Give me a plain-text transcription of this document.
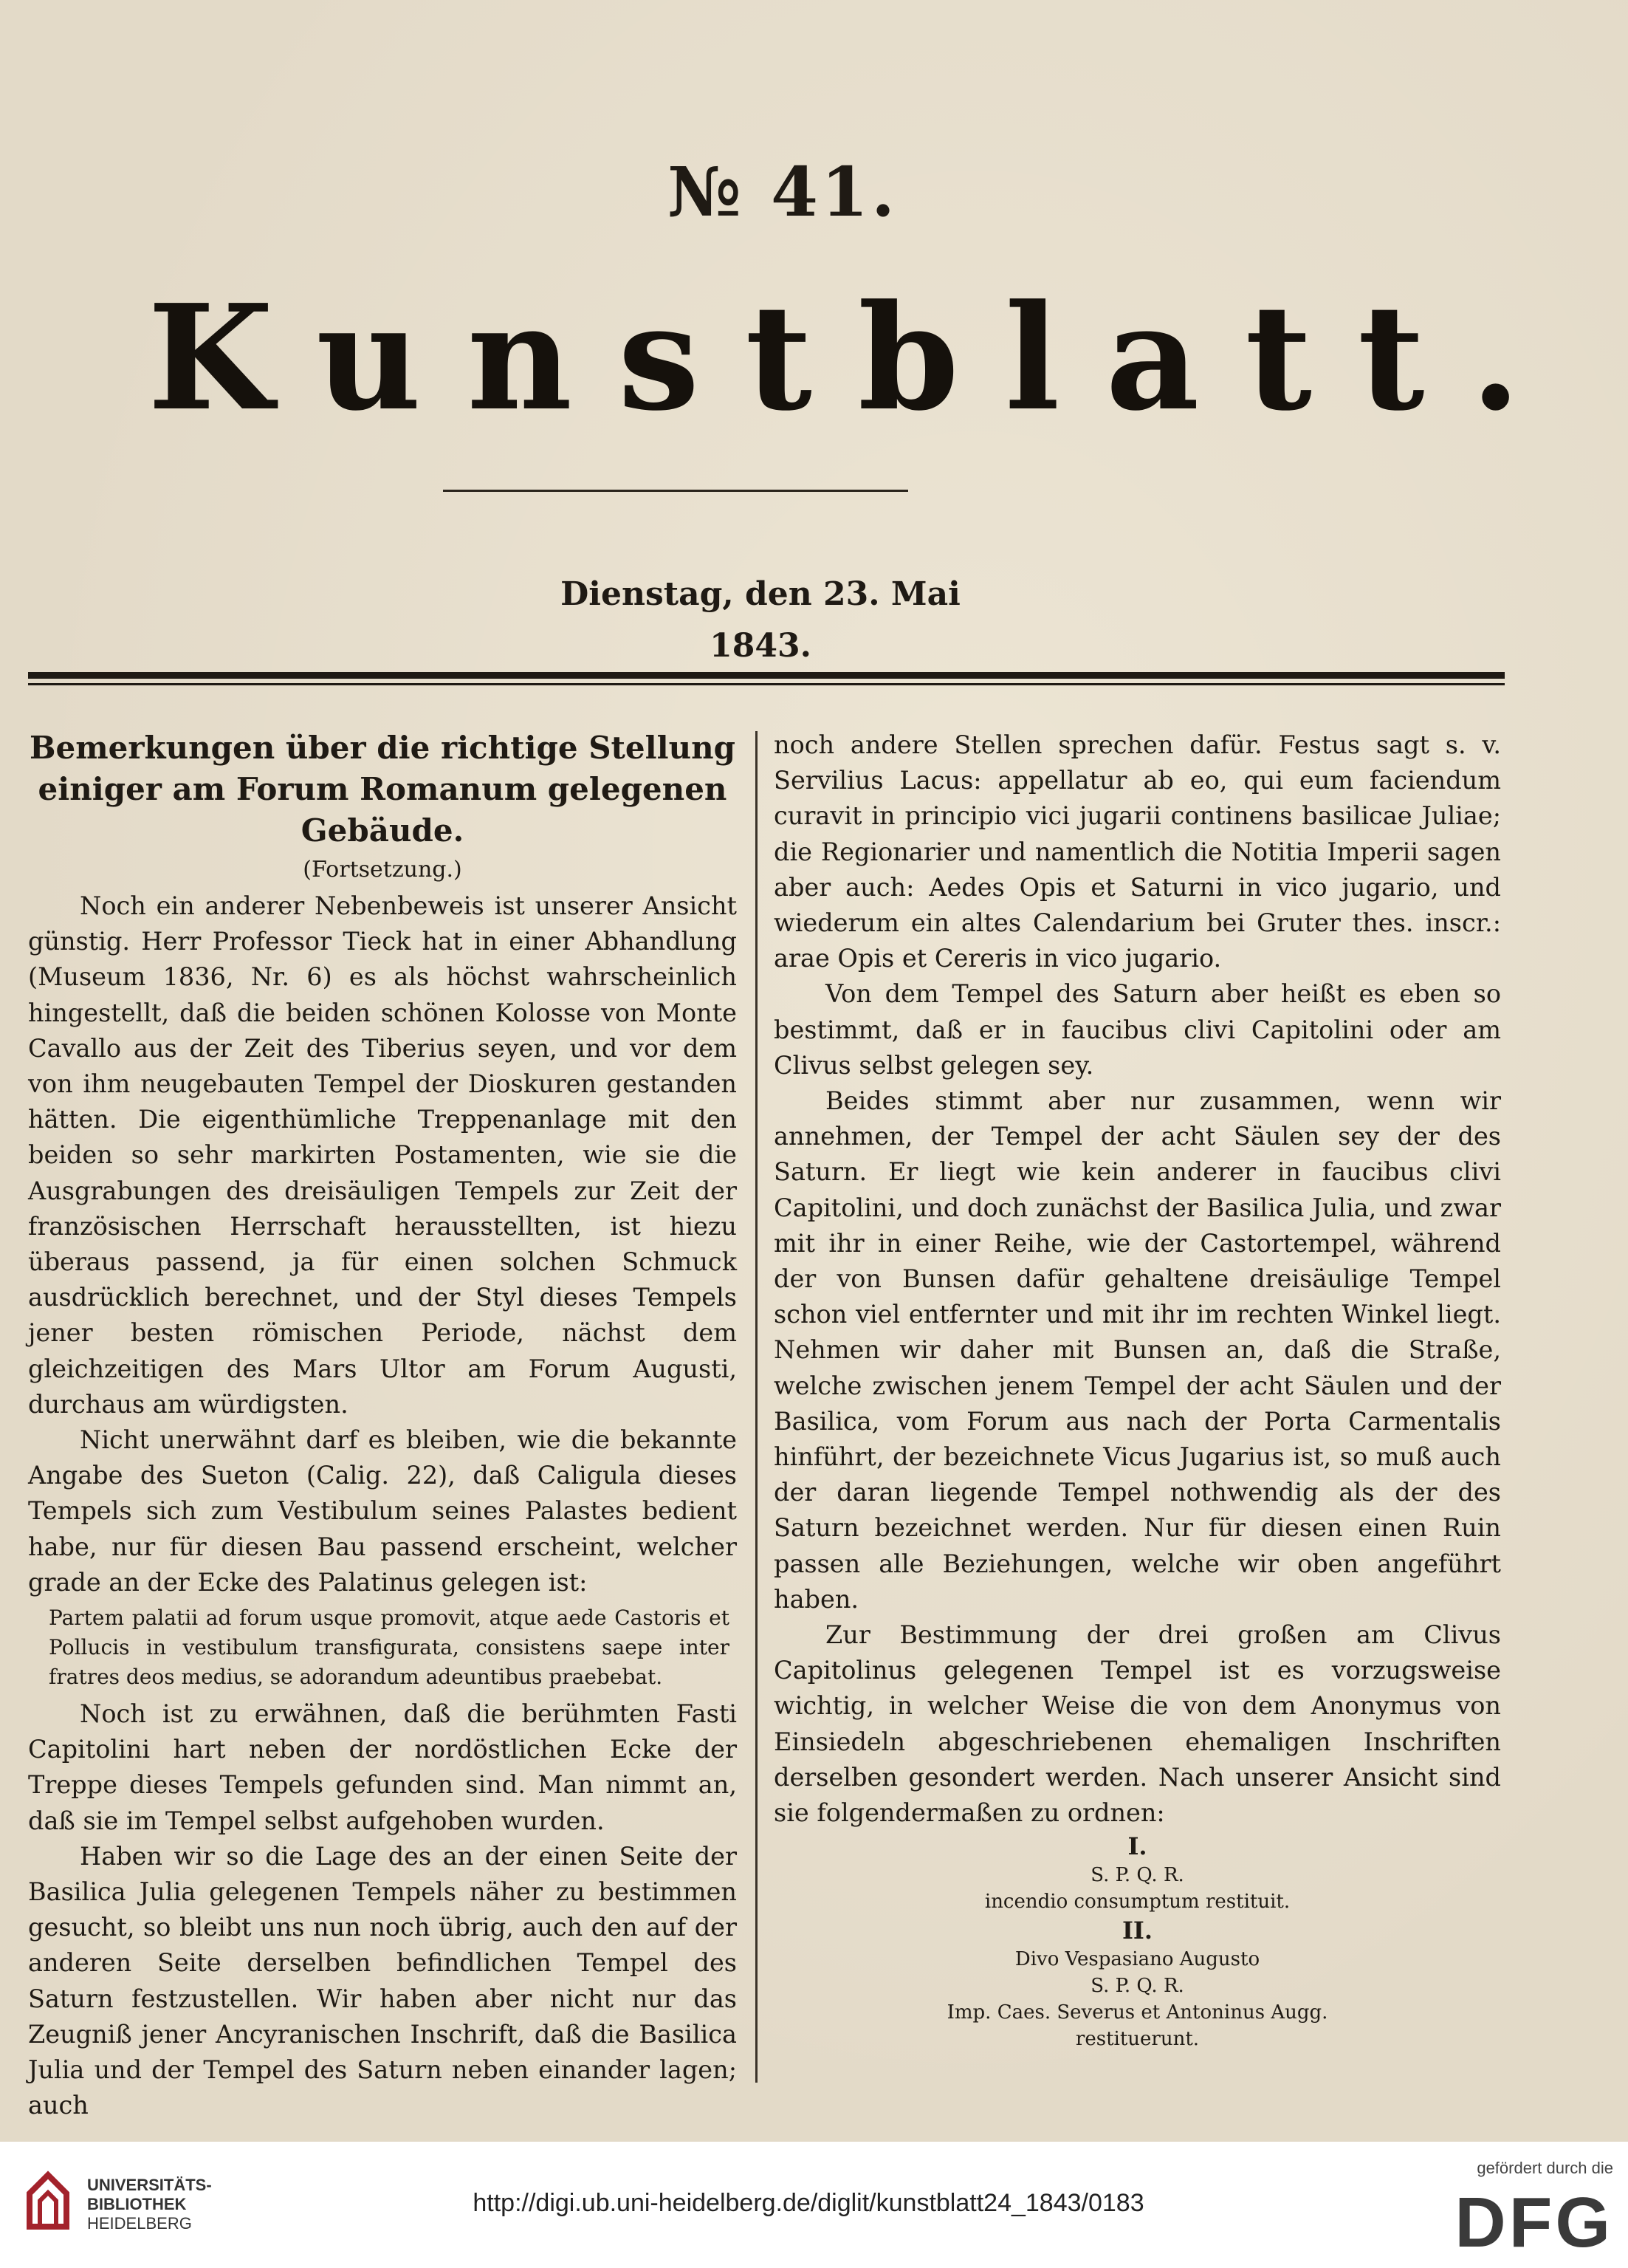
№ 41.
Kunstblatt.
Dienstag, den 23. Mai 1843.

Bemerkungen über die richtige Stellung einiger am Forum Romanum gelegenen Gebäude.

(Fortsetzung.)

Noch ein anderer Nebenbeweis ist unserer Ansicht günstig. Herr Professor Tieck hat in einer Abhandlung (Museum 1836, Nr. 6) es als höchst wahrscheinlich hingestellt, daß die beiden schönen Kolosse von Monte Cavallo aus der Zeit des Tiberius seyen, und vor dem von ihm neugebauten Tempel der Dioskuren gestanden hätten. Die eigenthümliche Treppenanlage mit den beiden so sehr markirten Postamenten, wie sie die Ausgrabungen des dreisäuligen Tempels zur Zeit der französischen Herrschaft herausstellten, ist hiezu überaus passend, ja für einen solchen Schmuck ausdrücklich berechnet, und der Styl dieses Tempels jener besten römischen Periode, nächst dem gleichzeitigen des Mars Ultor am Forum Augusti, durchaus am würdigsten.

Nicht unerwähnt darf es bleiben, wie die bekannte Angabe des Sueton (Calig. 22), daß Caligula dieses Tempels sich zum Vestibulum seines Palastes bedient habe, nur für diesen Bau passend erscheint, welcher grade an der Ecke des Palatinus gelegen ist:

Partem palatii ad forum usque promovit, atque aede Castoris et Pollucis in vestibulum transfigurata, consistens saepe inter fratres deos medius, se adorandum adeuntibus praebebat.

Noch ist zu erwähnen, daß die berühmten Fasti Capitolini hart neben der nordöstlichen Ecke der Treppe dieses Tempels gefunden sind. Man nimmt an, daß sie im Tempel selbst aufgehoben wurden.

Haben wir so die Lage des an der einen Seite der Basilica Julia gelegenen Tempels näher zu bestimmen gesucht, so bleibt uns nun noch übrig, auch den auf der anderen Seite derselben befindlichen Tempel des Saturn festzustellen. Wir haben aber nicht nur das Zeugniß jener Ancyranischen Inschrift, daß die Basilica Julia und der Tempel des Saturn neben einander lagen; auch

noch andere Stellen sprechen dafür. Festus sagt s. v. Servilius Lacus: appellatur ab eo, qui eum faciendum curavit in principio vici jugarii continens basilicae Juliae; die Regionarier und namentlich die Notitia Imperii sagen aber auch: Aedes Opis et Saturni in vico jugario, und wiederum ein altes Calendarium bei Gruter thes. inscr.: arae Opis et Cereris in vico jugario.

Von dem Tempel des Saturn aber heißt es eben so bestimmt, daß er in faucibus clivi Capitolini oder am Clivus selbst gelegen sey.

Beides stimmt aber nur zusammen, wenn wir annehmen, der Tempel der acht Säulen sey der des Saturn. Er liegt wie kein anderer in faucibus clivi Capitolini, und doch zunächst der Basilica Julia, und zwar mit ihr in einer Reihe, wie der Castortempel, während der von Bunsen dafür gehaltene dreisäulige Tempel schon viel entfernter und mit ihr im rechten Winkel liegt. Nehmen wir daher mit Bunsen an, daß die Straße, welche zwischen jenem Tempel der acht Säulen und der Basilica, vom Forum aus nach der Porta Carmentalis hinführt, der bezeichnete Vicus Jugarius ist, so muß auch der daran liegende Tempel nothwendig als der des Saturn bezeichnet werden. Nur für diesen einen Ruin passen alle Beziehungen, welche wir oben angeführt haben.

Zur Bestimmung der drei großen am Clivus Capitolinus gelegenen Tempel ist es vorzugsweise wichtig, in welcher Weise die von dem Anonymus von Einsiedeln abgeschriebenen ehemaligen Inschriften derselben gesondert werden. Nach unserer Ansicht sind sie folgendermaßen zu ordnen:

I.
S. P. Q. R.
incendio consumptum restituit.
II.
Divo Vespasiano Augusto
S. P. Q. R.
Imp. Caes. Severus et Antoninus Augg.
restituerunt.
UNIVERSITÄTS-
BIBLIOTHEK
HEIDELBERG
http://digi.ub.uni-heidelberg.de/diglit/kunstblatt24_1843/0183
gefördert durch die
DFG
